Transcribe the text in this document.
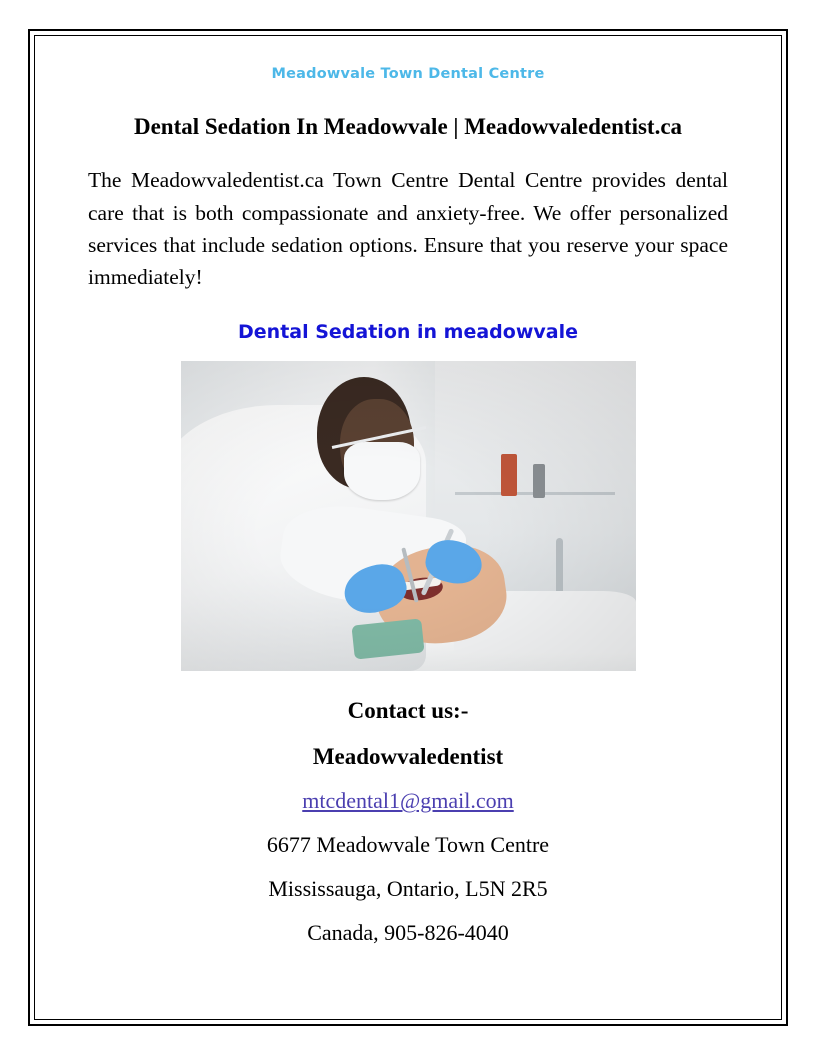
Meadowvale Town Dental Centre
Dental Sedation In Meadowvale | Meadowvaledentist.ca

The Meadowvaledentist.ca Town Centre Dental Centre provides dental care that is both compassionate and anxiety-free. We offer personalized services that include sedation options. Ensure that you reserve your space immediately!

Dental Sedation in meadowvale
Contact us:-
Meadowvaledentist
mtcdental1@gmail.com
6677 Meadowvale Town Centre
Mississauga, Ontario, L5N 2R5
Canada, 905-826-4040
